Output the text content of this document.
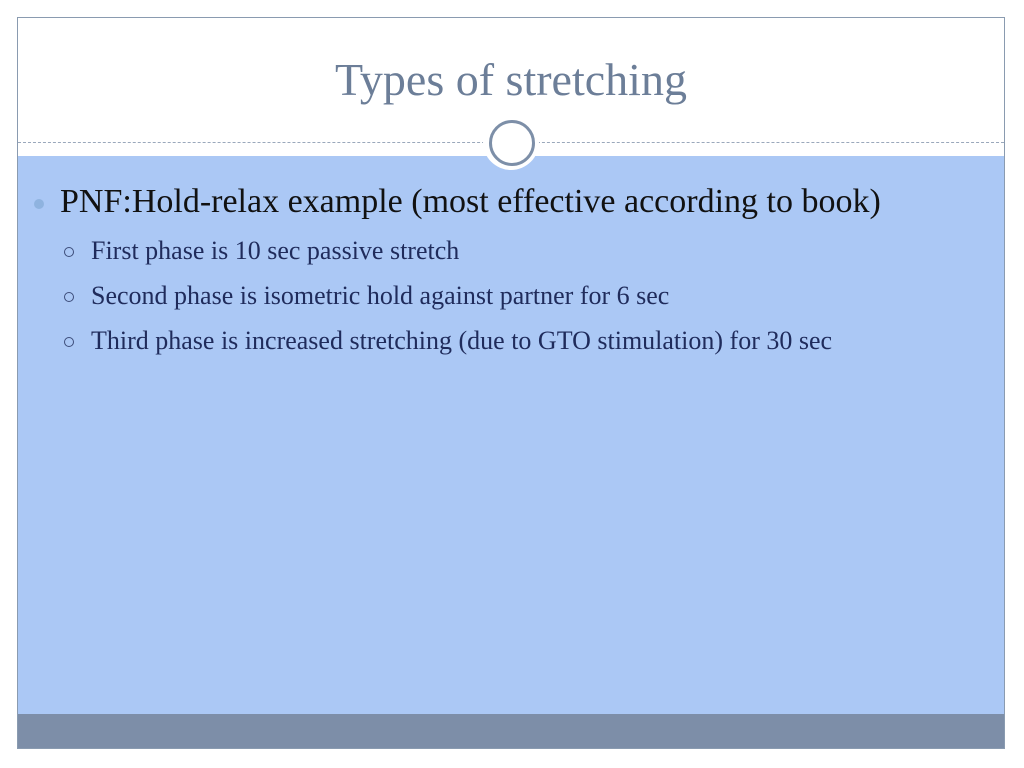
Types of stretching
PNF:Hold-relax example (most effective according to book)
First phase is 10 sec passive stretch
Second phase is isometric hold against partner for 6 sec
Third phase is increased stretching (due to GTO stimulation) for 30 sec
